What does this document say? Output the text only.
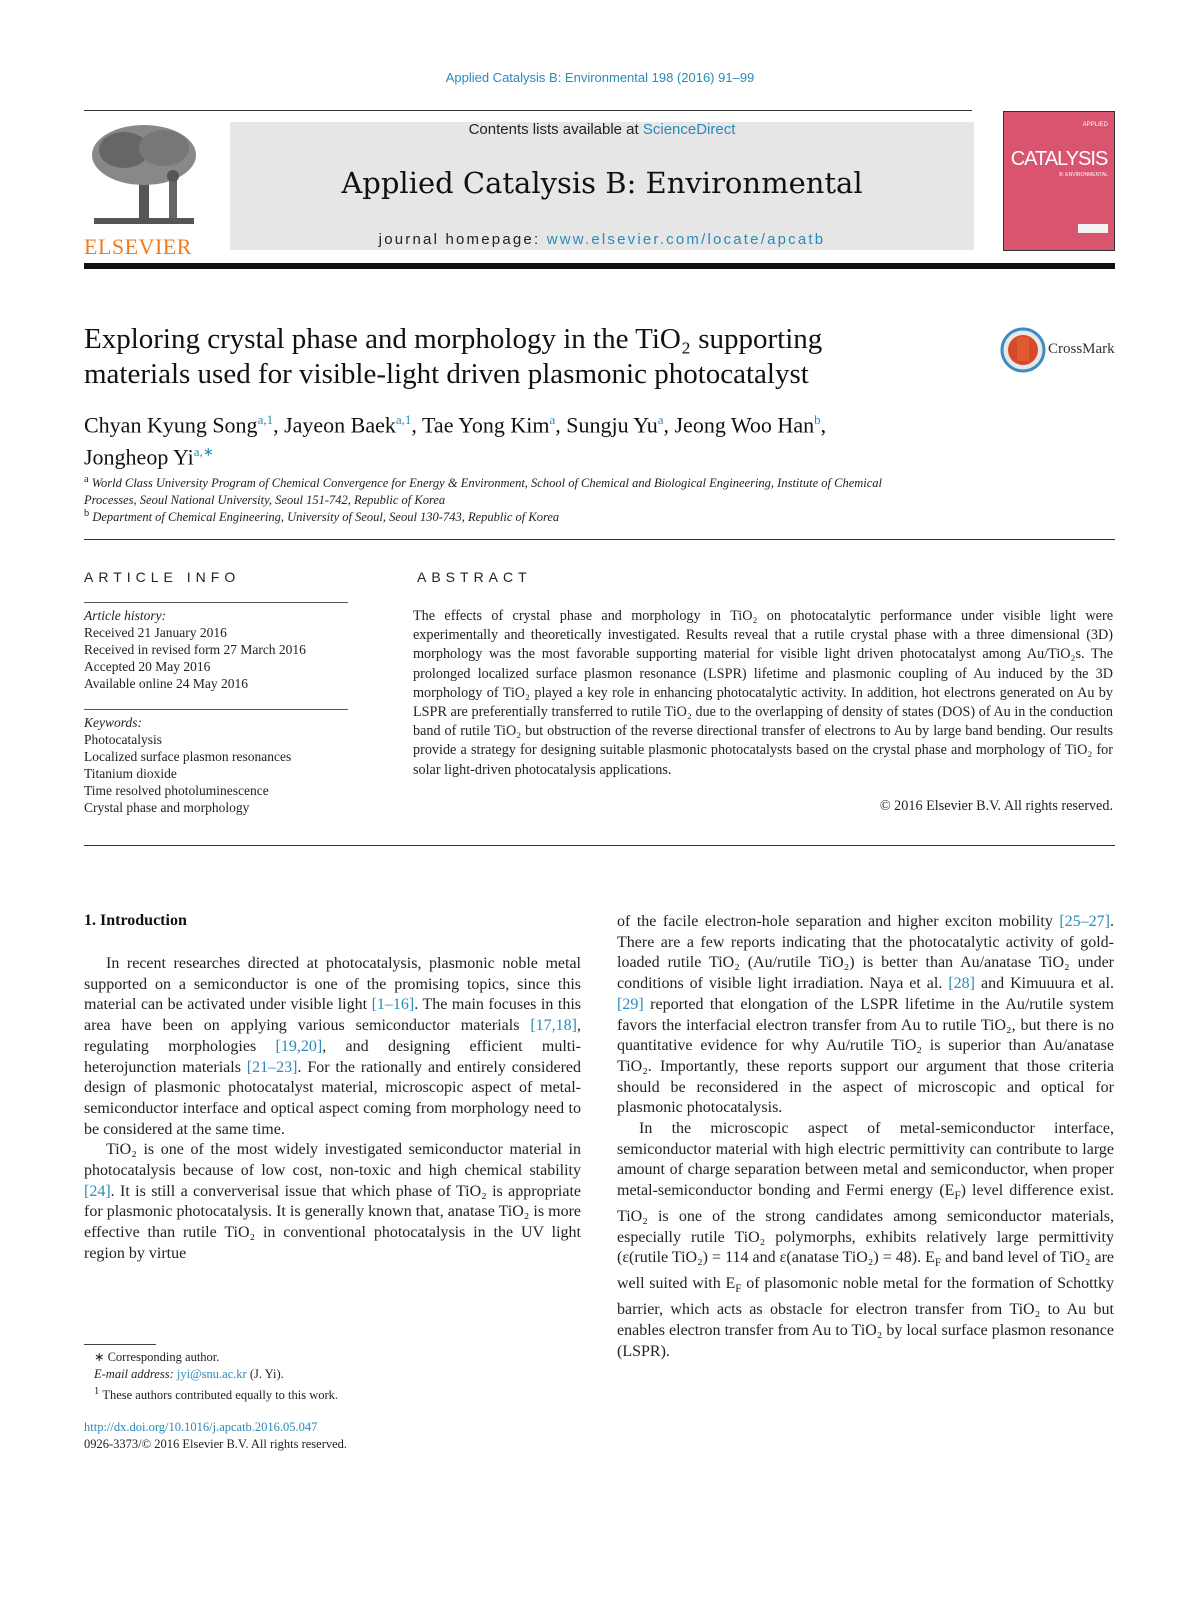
Applied Catalysis B: Environmental 198 (2016) 91–99
ELSEVIER
Contents lists available at ScienceDirect
Applied Catalysis B: Environmental
journal homepage: www.elsevier.com/locate/apcatb
APPLIED
CATALYSIS
B: ENVIRONMENTAL
Exploring crystal phase and morphology in the TiO₂ supporting
materials used for visible-light driven plasmonic photocatalyst
CrossMark
Chyan Kyung Song$^{a,1}$, Jayeon Baek$^{a,1}$, Tae Yong Kim$^a$, Sungju Yu$^a$, Jeong Woo Han$^b$,
Jongheop $Yi^{a,∗}$
$^a$ World Class University Program of Chemical Convergence for Energy & Environment, School of Chemical and Biological Engineering, Institute of Chemical
Processes, Seoul National University, Seoul 151-742, Republic of Korea
$^b$ Department of Chemical Engineering, University of Seoul, Seoul 130-743, Republic of Korea
ARTICLE INFO
Article history:
Received 21 January 2016
Received in revised form 27 March 2016
Accepted 20 May 2016
Available online 24 May 2016
Keywords:
Photocatalysis
Localized surface plasmon resonances
Titanium dioxide
Time resolved photoluminescence
Crystal phase and morphology
ABSTRACT
The effects of crystal phase and morphology in TiO₂ on photocatalytic performance under visible light were experimentally and theoretically investigated. Results reveal that a rutile crystal phase with a three dimensional (3D) morphology was the most favorable supporting material for visible light driven photocatalyst among Au/TiO₂s. The prolonged localized surface plasmon resonance (LSPR) lifetime and plasmonic coupling of Au induced by the 3D morphology of TiO₂ played a key role in enhancing photocatalytic activity. In addition, hot electrons generated on Au by LSPR are preferentially transferred to rutile TiO₂ due to the overlapping of density of states (DOS) of Au in the conduction band of rutile TiO₂ but obstruction of the reverse directional transfer of electrons to Au by large band bending. Our results provide a strategy for designing suitable plasmonic photocatalysts based on the crystal phase and morphology of TiO₂ for solar light-driven photocatalysis applications.
© 2016 Elsevier B.V. All rights reserved.
1. Introduction

In recent researches directed at photocatalysis, plasmonic noble metal supported on a semiconductor is one of the promising topics, since this material can be activated under visible light [1–16]. The main focuses in this area have been on applying various semiconductor materials [17,18], regulating morphologies [19,20], and designing efficient multi-heterojunction materials [21–23]. For the rationally and entirely considered design of plasmonic photocatalyst material, microscopic aspect of metal-semiconductor interface and optical aspect coming from morphology need to be considered at the same time.

TiO₂ is one of the most widely investigated semiconductor material in photocatalysis because of low cost, non-toxic and high chemical stability [24]. It is still a conververisal issue that which phase of TiO₂ is appropriate for plasmonic photocatalysis. It is generally known that, anatase TiO₂ is more effective than rutile TiO₂ in conventional photocatalysis in the UV light region by virtue

of the facile electron-hole separation and higher exciton mobility [25–27]. There are a few reports indicating that the photocatalytic activity of gold-loaded rutile TiO₂ (Au/rutile TiO₂) is better than Au/anatase TiO₂ under conditions of visible light irradiation. Naya et al. [28] and Kimuuura et al. [29] reported that elongation of the LSPR lifetime in the Au/rutile system favors the interfacial electron transfer from Au to rutile TiO₂, but there is no quantitative evidence for why Au/rutile TiO₂ is superior than Au/anatase TiO₂. Importantly, these reports support our argument that those criteria should be reconsidered in the aspect of microscopic and optical for plasmonic photocatalysis.

In the microscopic aspect of metal-semiconductor interface, semiconductor material with high electric permittivity can contribute to large amount of charge separation between metal and semiconductor, when proper metal-semiconductor bonding and Fermi energy $(E_F)$ level difference exist. TiO₂ is one of the strong candidates among semiconductor materials, especially rutile TiO₂ polymorphs, exhibits relatively large permittivity (ε(rutile TiO₂) = 114 and ε(anatase TiO₂) = 48). $E_F$ and band level of TiO₂ are well suited with $E_F$ of plasomonic noble metal for the formation of Schottky barrier, which acts as obstacle for electron transfer from TiO₂ to Au but enables electron transfer from Au to TiO₂ by local surface plasmon resonance (LSPR).

∗ Corresponding author.
E-mail address: jyi@snu.ac.kr (J. Yi).
$^1$ These authors contributed equally to this work.
http://dx.doi.org/10.1016/j.apcatb.2016.05.047
0926-3373/© 2016 Elsevier B.V. All rights reserved.
